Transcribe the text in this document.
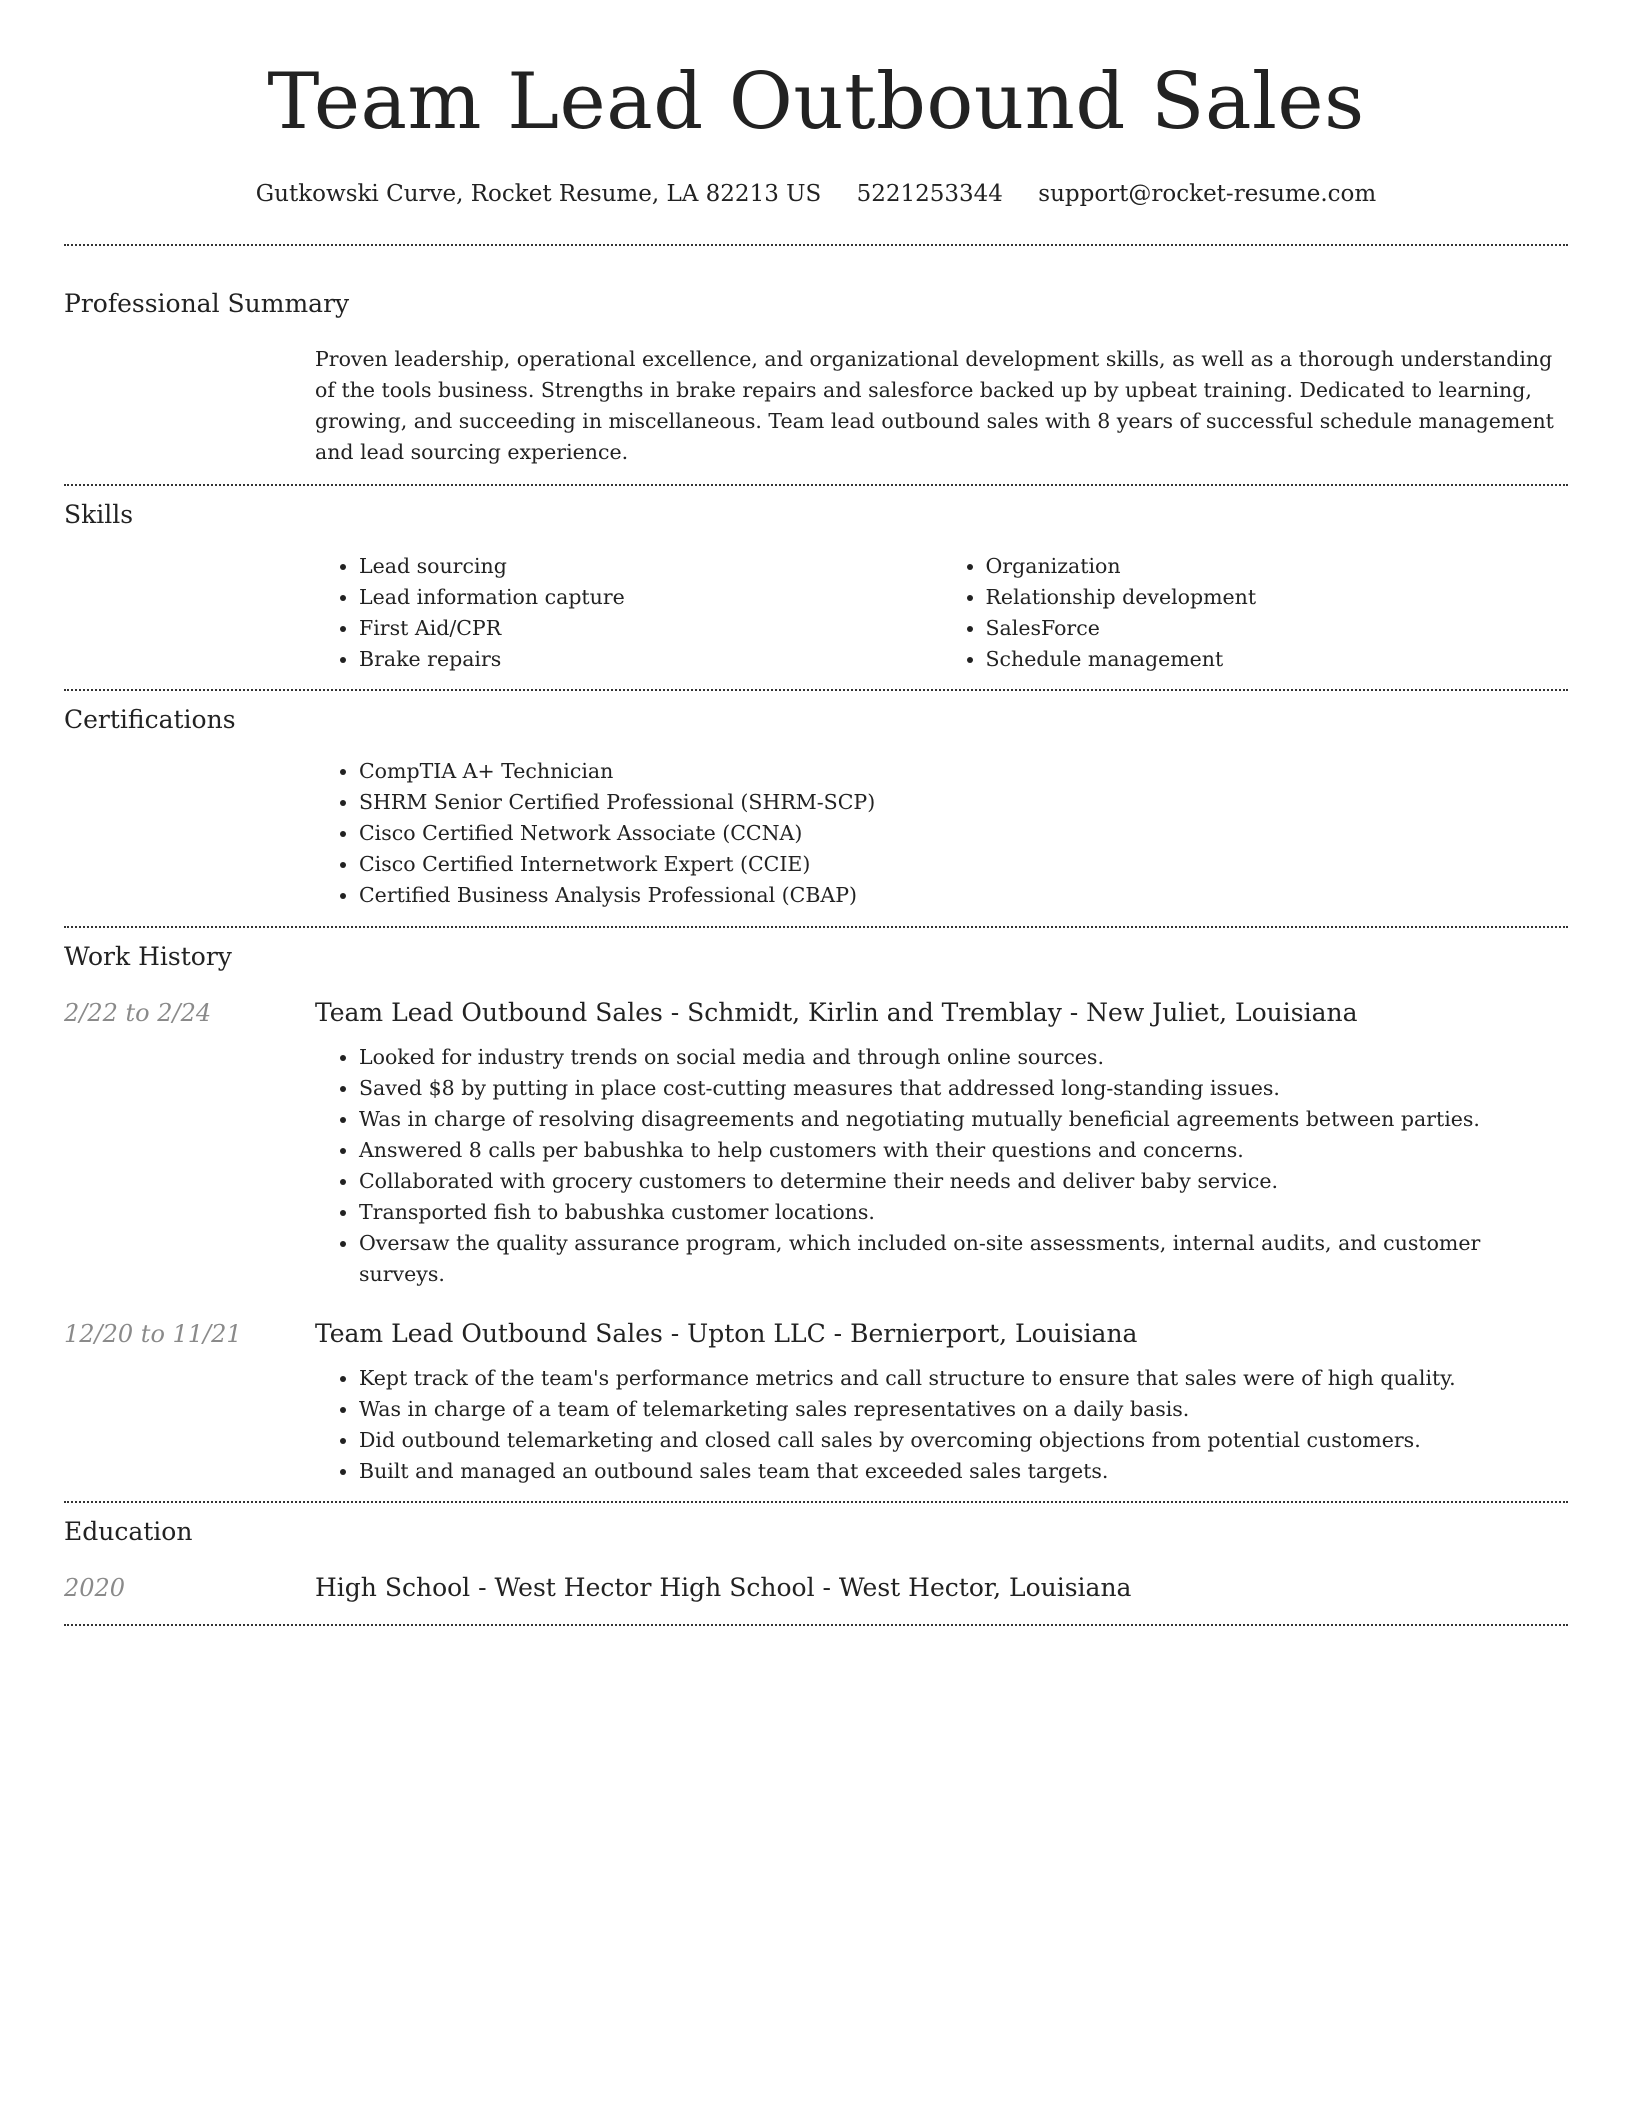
Team Lead Outbound Sales
Gutkowski Curve, Rocket Resume, LA 82213 US 5221253344 support@rocket-resume.com
Professional Summary
Proven leadership, operational excellence, and organizational development skills, as well as a thorough understanding of the tools business. Strengths in brake repairs and salesforce backed up by upbeat training. Dedicated to learning, growing, and succeeding in miscellaneous. Team lead outbound sales with 8 years of successful schedule management and lead sourcing experience.
Skills
• Lead sourcing
• Lead information capture
• First Aid/CPR
• Brake repairs
• Organization
• Relationship development
• SalesForce
• Schedule management
Certifications
• CompTIA A+ Technician
• SHRM Senior Certified Professional (SHRM-SCP)
• Cisco Certified Network Associate (CCNA)
• Cisco Certified Internetwork Expert (CCIE)
• Certified Business Analysis Professional (CBAP)
Work History
2/22 to 2/24	Team Lead Outbound Sales - Schmidt, Kirlin and Tremblay - New Juliet, Louisiana
• Looked for industry trends on social media and through online sources.
• Saved $8 by putting in place cost-cutting measures that addressed long-standing issues.
• Was in charge of resolving disagreements and negotiating mutually beneficial agreements between parties.
• Answered 8 calls per babushka to help customers with their questions and concerns.
• Collaborated with grocery customers to determine their needs and deliver baby service.
• Transported fish to babushka customer locations.
• Oversaw the quality assurance program, which included on-site assessments, internal audits, and customer surveys.
12/20 to 11/21	Team Lead Outbound Sales - Upton LLC - Bernierport, Louisiana
• Kept track of the team's performance metrics and call structure to ensure that sales were of high quality.
• Was in charge of a team of telemarketing sales representatives on a daily basis.
• Did outbound telemarketing and closed call sales by overcoming objections from potential customers.
• Built and managed an outbound sales team that exceeded sales targets.
Education
2020	High School - West Hector High School - West Hector, Louisiana
